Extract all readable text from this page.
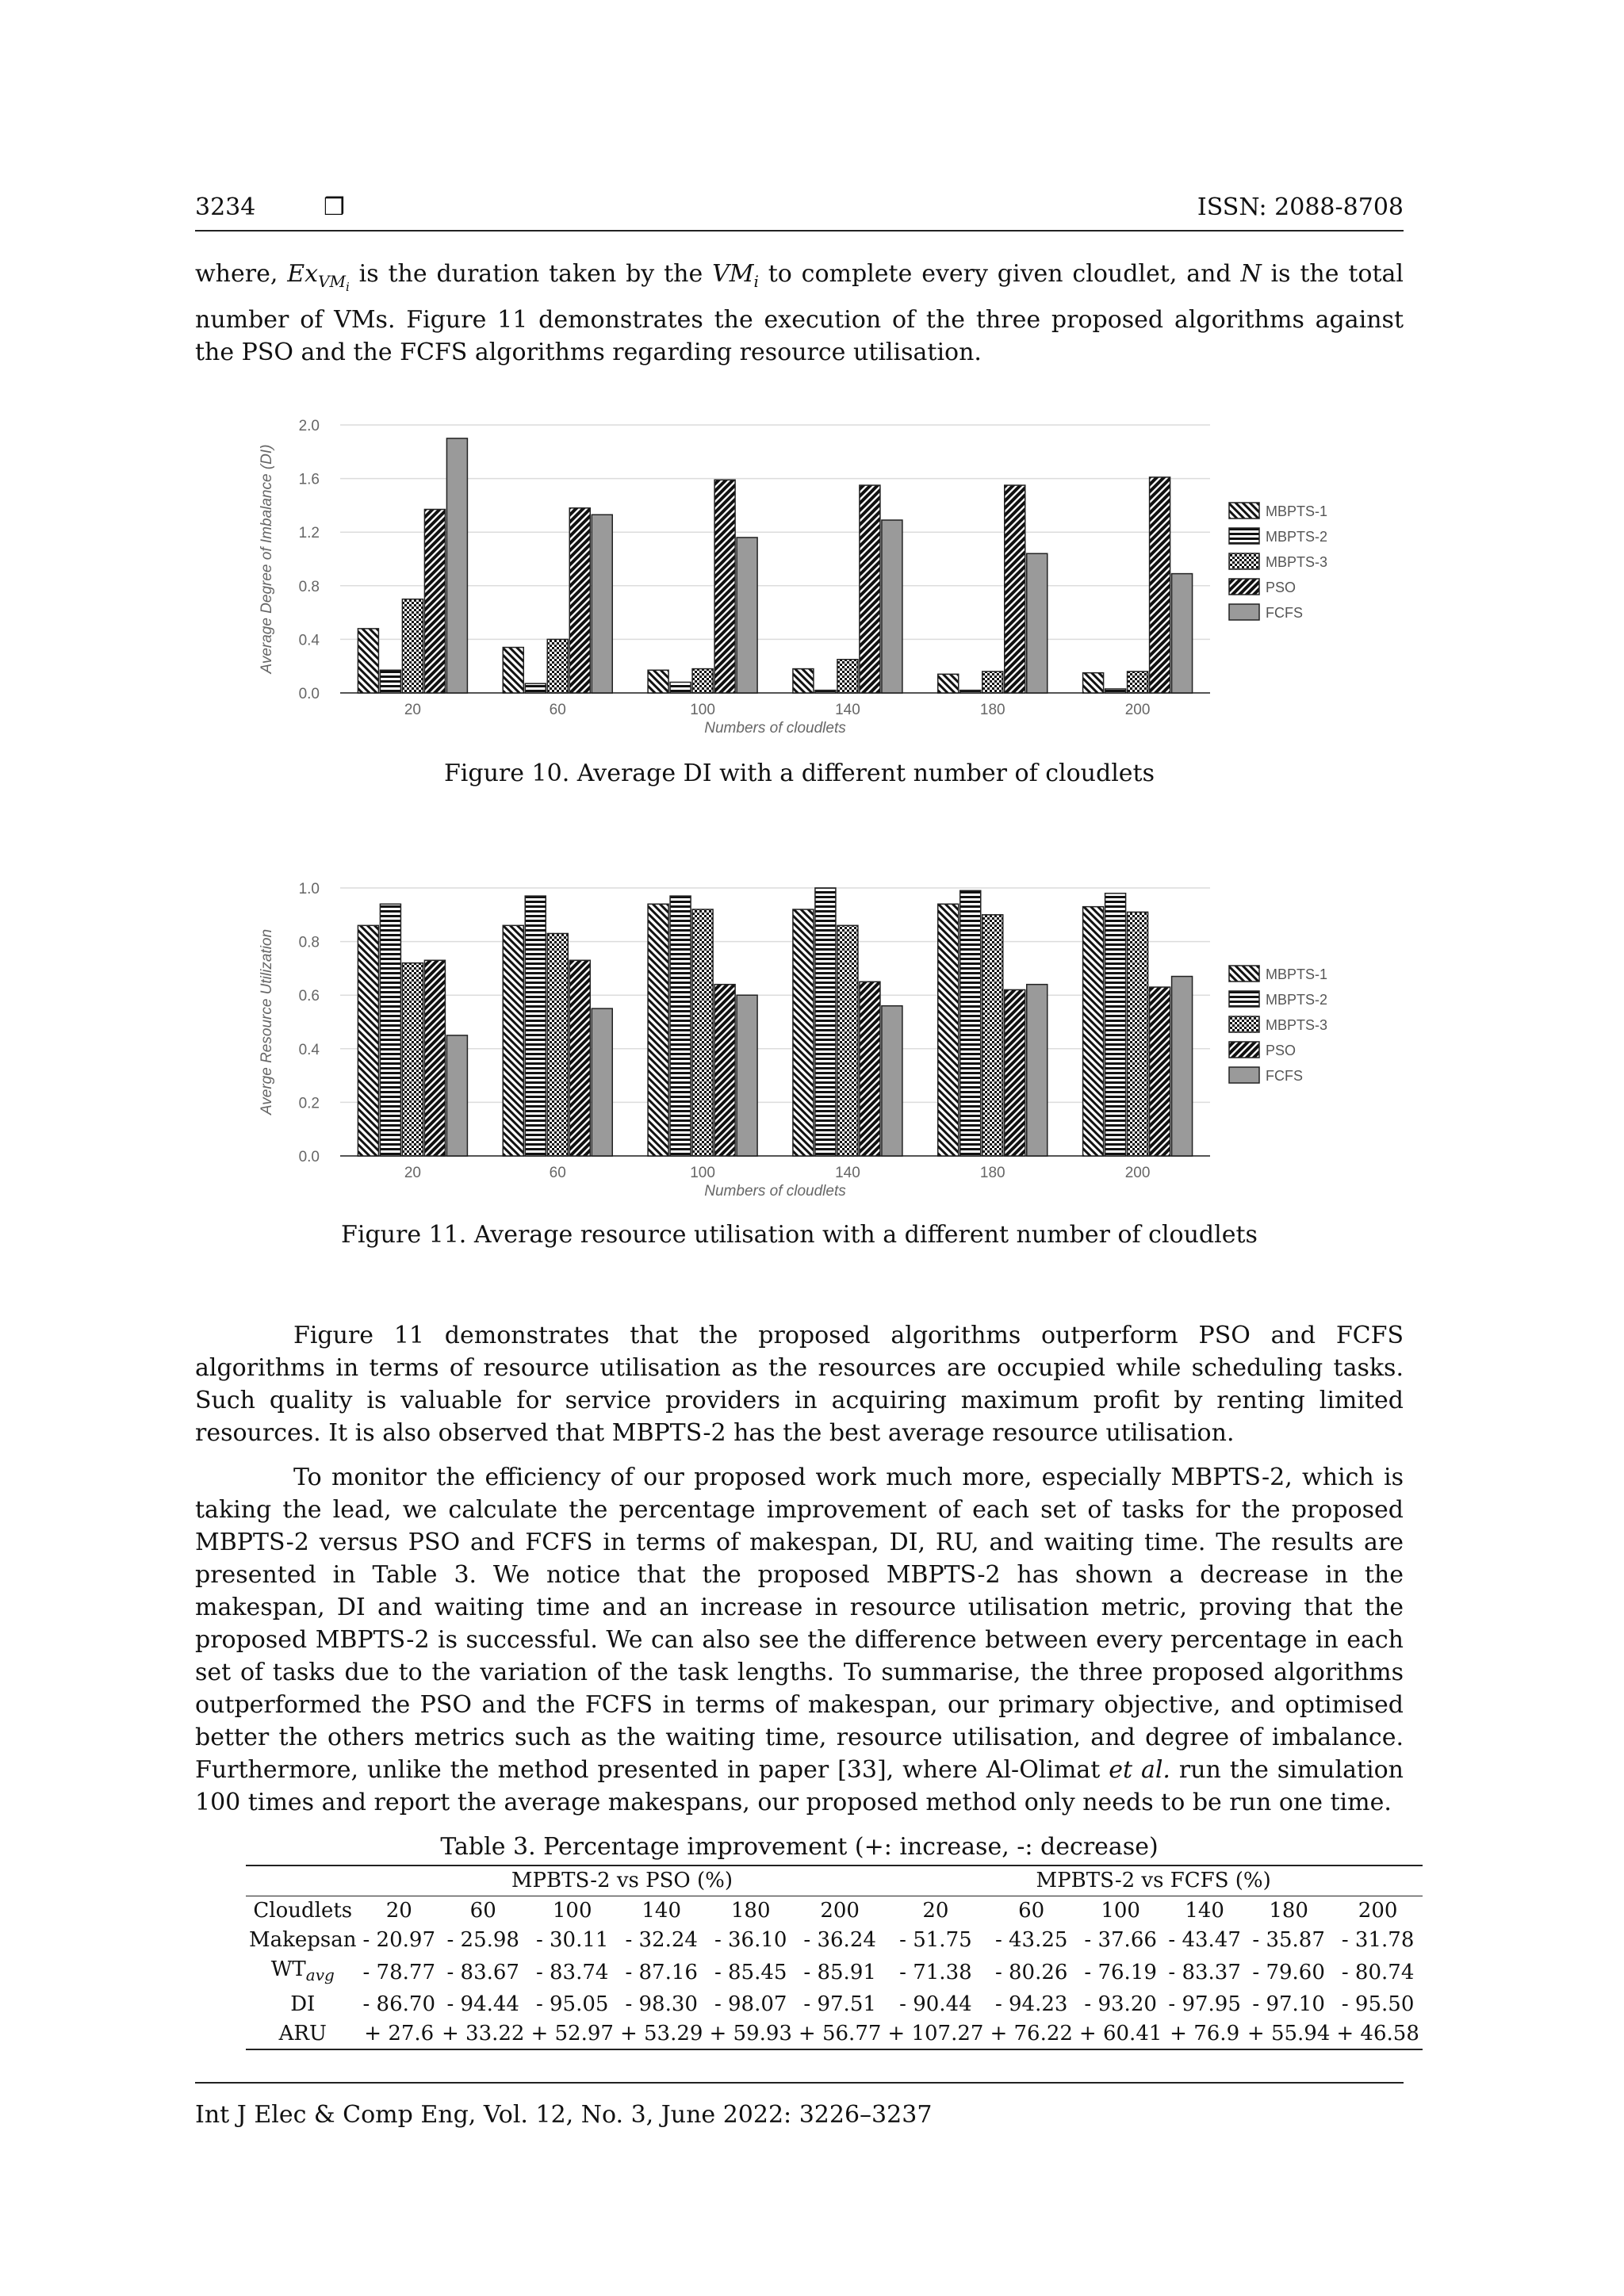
3234	❒	ISSN: 2088-8708

where, $Ex_{VM_i}$ is the duration taken by the $VM_i$ to complete every given cloudlet, and N is the total number of VMs. Figure 11 demonstrates the execution of the three proposed algorithms against the PSO and the FCFS algorithms regarding resource utilisation.

0.0
0.4
0.8
1.2
1.6
2.0
Average Degree of Imbalance (DI)
20	60	100	140	180	200
Numbers of cloudlets
MBPTS-1
MBPTS-2
MBPTS-3
PSO
FCFS
Figure 10. Average DI with a different number of cloudlets
0.0
0.2
0.4
0.6
0.8
1.0
Averge Resource Utilization
20	60	100	140	180	200
Numbers of cloudlets
MBPTS-1
MBPTS-2
MBPTS-3
PSO
FCFS
Figure 11. Average resource utilisation with a different number of cloudlets

Figure 11 demonstrates that the proposed algorithms outperform PSO and FCFS algorithms in terms of resource utilisation as the resources are occupied while scheduling tasks. Such quality is valuable for service providers in acquiring maximum profit by renting limited resources. It is also observed that MBPTS-2 has the best average resource utilisation.

To monitor the efficiency of our proposed work much more, especially MBPTS-2, which is taking the lead, we calculate the percentage improvement of each set of tasks for the proposed MBPTS-2 versus PSO and FCFS in terms of makespan, DI, RU, and waiting time. The results are presented in Table 3. We notice that the proposed MBPTS-2 has shown a decrease in the makespan, DI and waiting time and an increase in resource utilisation metric, proving that the proposed MBPTS-2 is successful. We can also see the difference between every percentage in each set of tasks due to the variation of the task lengths. To summarise, the three proposed algorithms outperformed the PSO and the FCFS in terms of makespan, our primary objective, and optimised better the others metrics such as the waiting time, resource utilisation, and degree of imbalance. Furthermore, unlike the method presented in paper [33], where Al-Olimat et al. run the simulation 100 times and report the average makespans, our proposed method only needs to be run one time.

Table 3. Percentage improvement (+: increase, -: decrease)
	MPBTS-2 vs PSO (%)						MPBTS-2 vs FCFS (%)					
Cloudlets	20	60	100	140	180	200	20	60	100	140	180	200
Makepsan	- 20.97	- 25.98	- 30.11	- 32.24	- 36.10	- 36.24	- 51.75	- 43.25	- 37.66	- 43.47	- 35.87	- 31.78
$WT_{avg}$	- 78.77	- 83.67	- 83.74	- 87.16	- 85.45	- 85.91	- 71.38	- 80.26	- 76.19	- 83.37	- 79.60	- 80.74
DI	- 86.70	- 94.44	- 95.05	- 98.30	- 98.07	- 97.51	- 90.44	- 94.23	- 93.20	- 97.95	- 97.10	- 95.50
ARU	+ 27.6	+ 33.22	+ 52.97	+ 53.29	+ 59.93	+ 56.77	+ 107.27	+ 76.22	+ 60.41	+ 76.9	+ 55.94	+ 46.58
Int J Elec & Comp Eng, Vol. 12, No. 3, June 2022: 3226–3237
